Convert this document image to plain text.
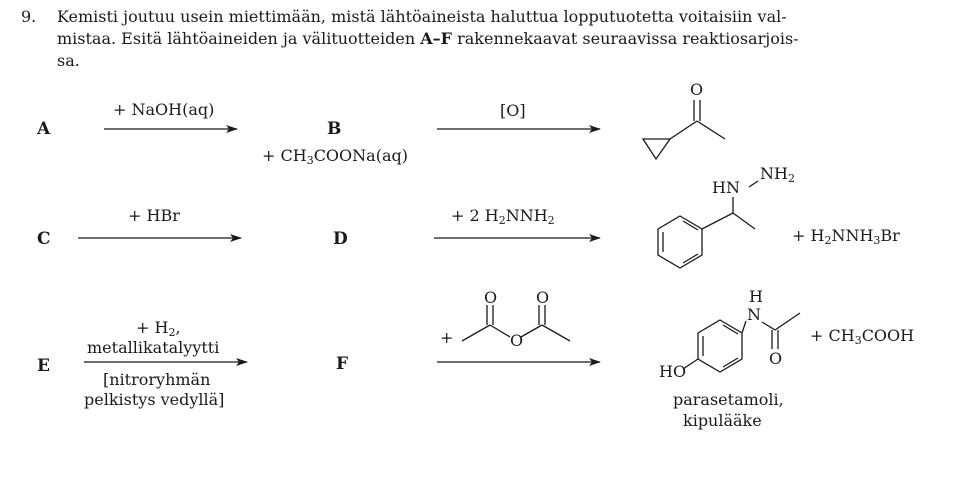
9. Kemisti joutuu usein miettimään, mistä lähtöaineista haluttua lopputuotetta voitaisiin val-
mistaa. Esitä lähtöaineiden ja välituotteiden A–F rakennekaavat seuraavissa reaktiosarjois-
sa.
A
+ NaOH(aq)
B
+ $CH_3COONa(aq)$
[O]
O
C
+ HBr
D
+ 2 $H_2NNH_2$
HN
$NH_2$
+ $H_2NNH_3Br$
E
+ $H_2$,
metallikatalyytti
[nitroryhmän
pelkistys vedyllä]
F
+
O
O
O	H
N
O
HO
parasetamoli,
kipulääke
+ $CH_3COOH$
